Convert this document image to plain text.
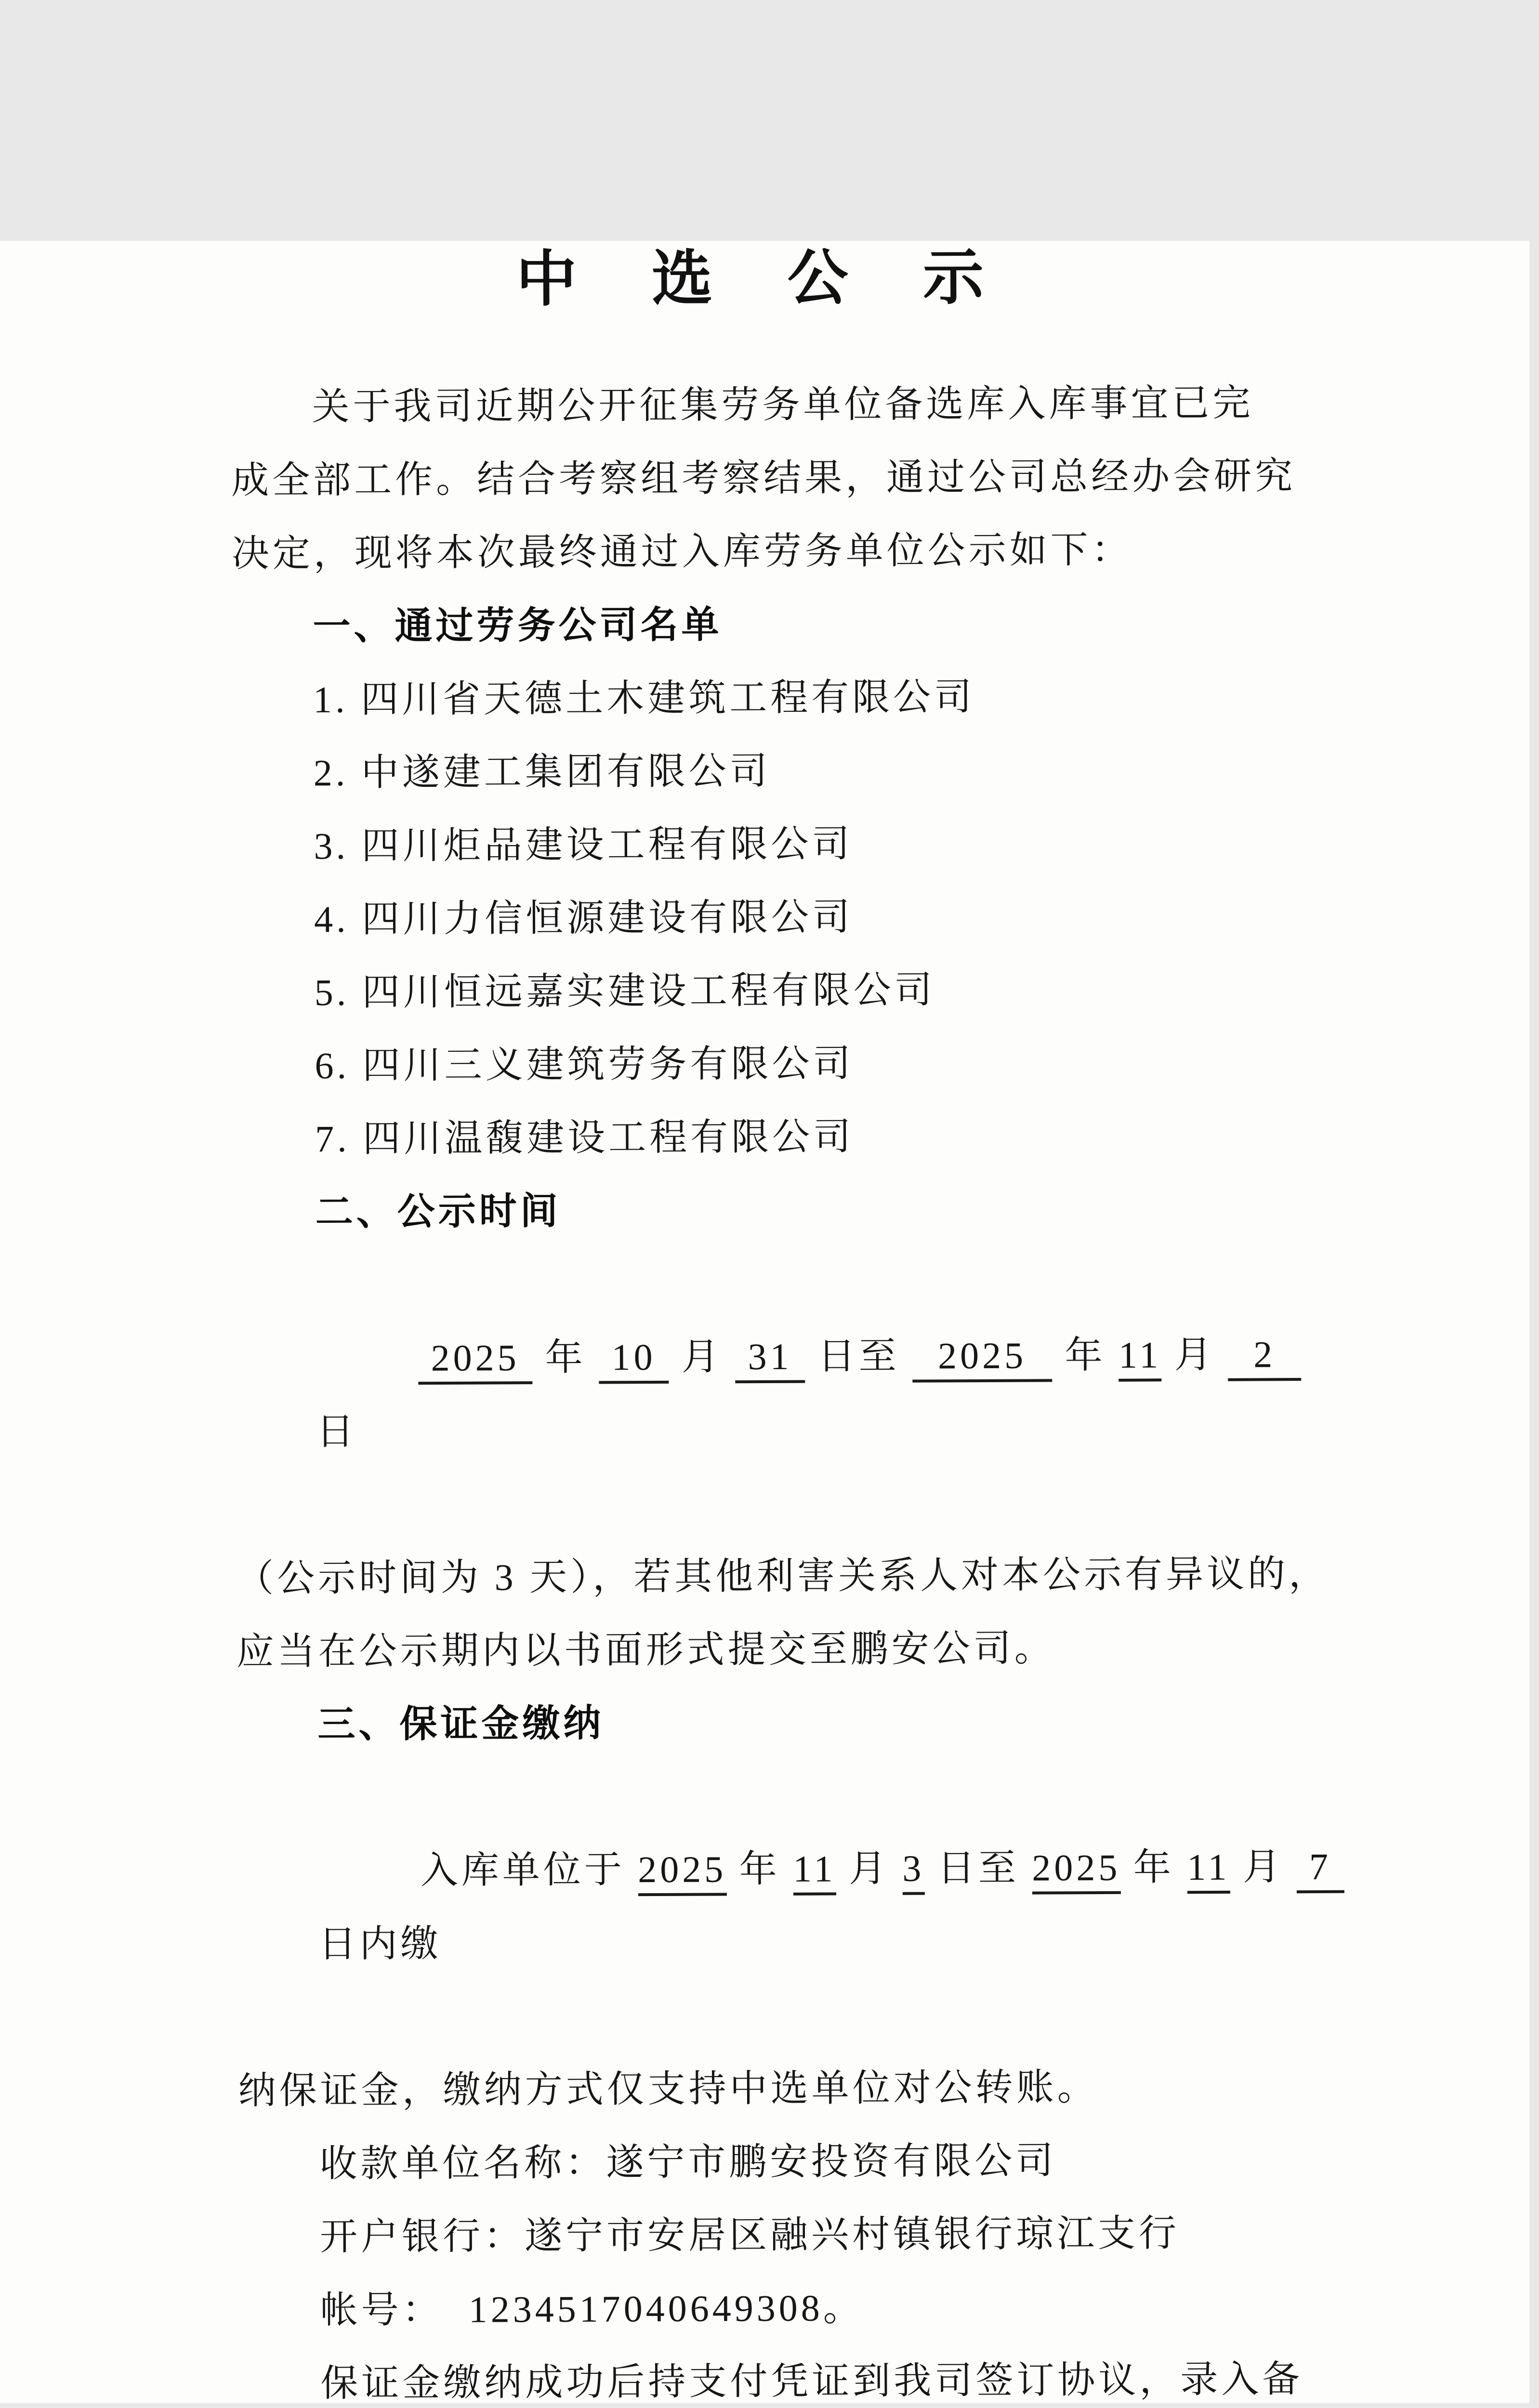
中 选 公 示
关于我司近期公开征集劳务单位备选库入库事宜已完
成全部工作。结合考察组考察结果，通过公司总经办会研究
决定，现将本次最终通过入库劳务单位公示如下：
一、通过劳务公司名单
1. 四川省天德土木建筑工程有限公司
2. 中遂建工集团有限公司
3. 四川炬品建设工程有限公司
4. 四川力信恒源建设有限公司
5. 四川恒远嘉实建设工程有限公司
6. 四川三义建筑劳务有限公司
7. 四川温馥建设工程有限公司
二、公示时间

2025  年  10  月  31  日至   2025   年 11 月   2   日

（公示时间为 3 天），若其他利害关系人对本公示有异议的，
应当在公示期内以书面形式提交至鹏安公司。
三、保证金缴纳

入库单位于 2025 年 11 月 3 日至 2025 年 11 月  7  日内缴

纳保证金，缴纳方式仅支持中选单位对公转账。
收款单位名称：遂宁市鹏安投资有限公司
开户银行：遂宁市安居区融兴村镇银行琼江支行
帐号：  1234517040649308。
保证金缴纳成功后持支付凭证到我司签订协议，录入备
